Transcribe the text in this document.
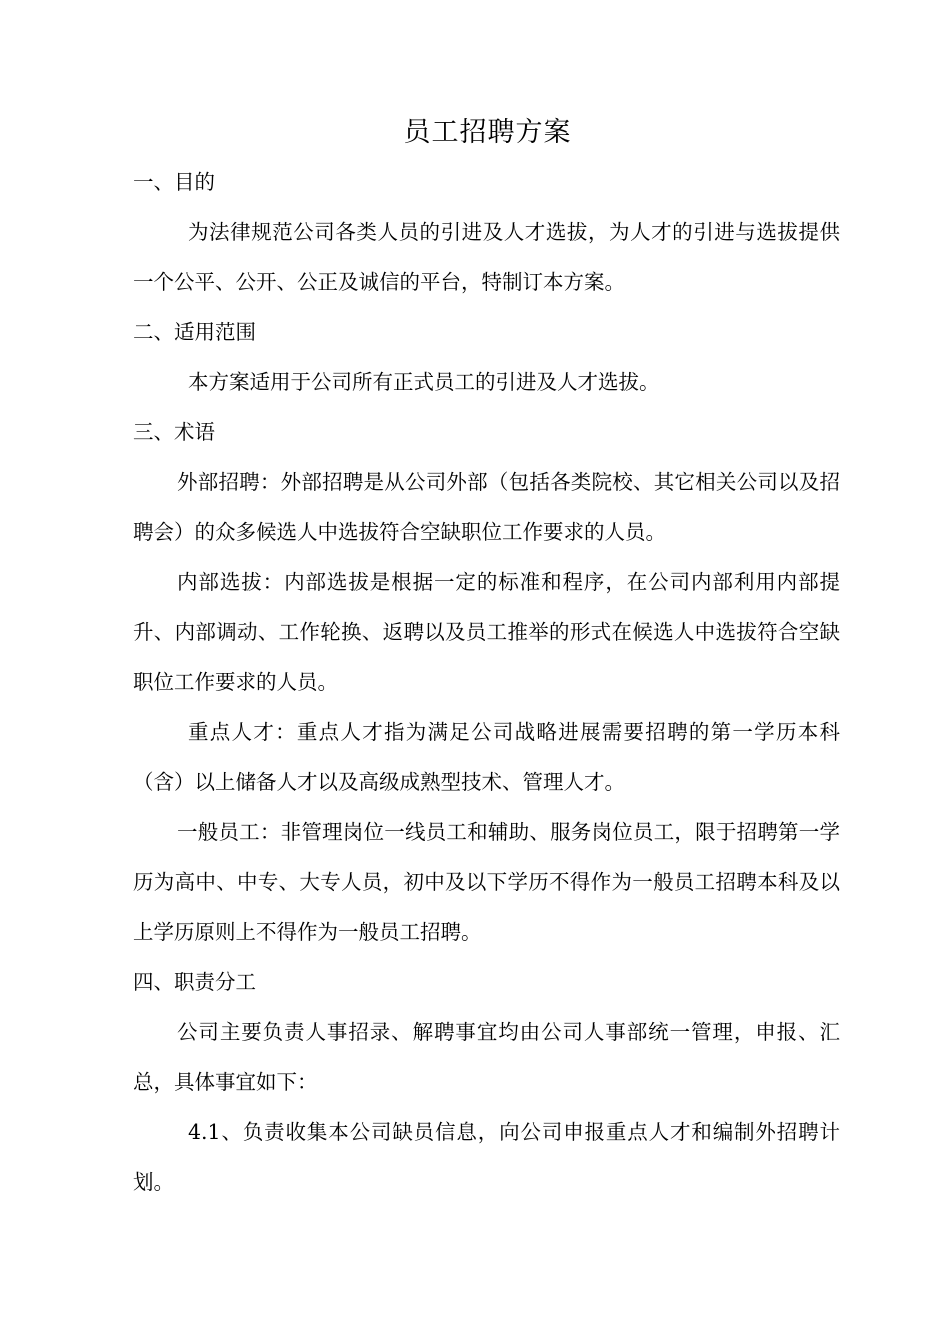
员工招聘方案

一、目的

为法律规范公司各类人员的引进及人才选拔，为人才的引进与选拔提供一个公平、公开、公正及诚信的平台，特制订本方案。

二、适用范围

本方案适用于公司所有正式员工的引进及人才选拔。

三、术语

外部招聘：外部招聘是从公司外部（包括各类院校、其它相关公司以及招聘会）的众多候选人中选拔符合空缺职位工作要求的人员。

内部选拔：内部选拔是根据一定的标准和程序，在公司内部利用内部提升、内部调动、工作轮换、返聘以及员工推举的形式在候选人中选拔符合空缺职位工作要求的人员。

重点人才：重点人才指为满足公司战略进展需要招聘的第一学历本科（含）以上储备人才以及高级成熟型技术、管理人才。

一般员工：非管理岗位一线员工和辅助、服务岗位员工，限于招聘第一学历为高中、中专、大专人员，初中及以下学历不得作为一般员工招聘本科及以上学历原则上不得作为一般员工招聘。

四、职责分工

公司主要负责人事招录、解聘事宜均由公司人事部统一管理，申报、汇总，具体事宜如下：

4.1、负责收集本公司缺员信息，向公司申报重点人才和编制外招聘计划。
